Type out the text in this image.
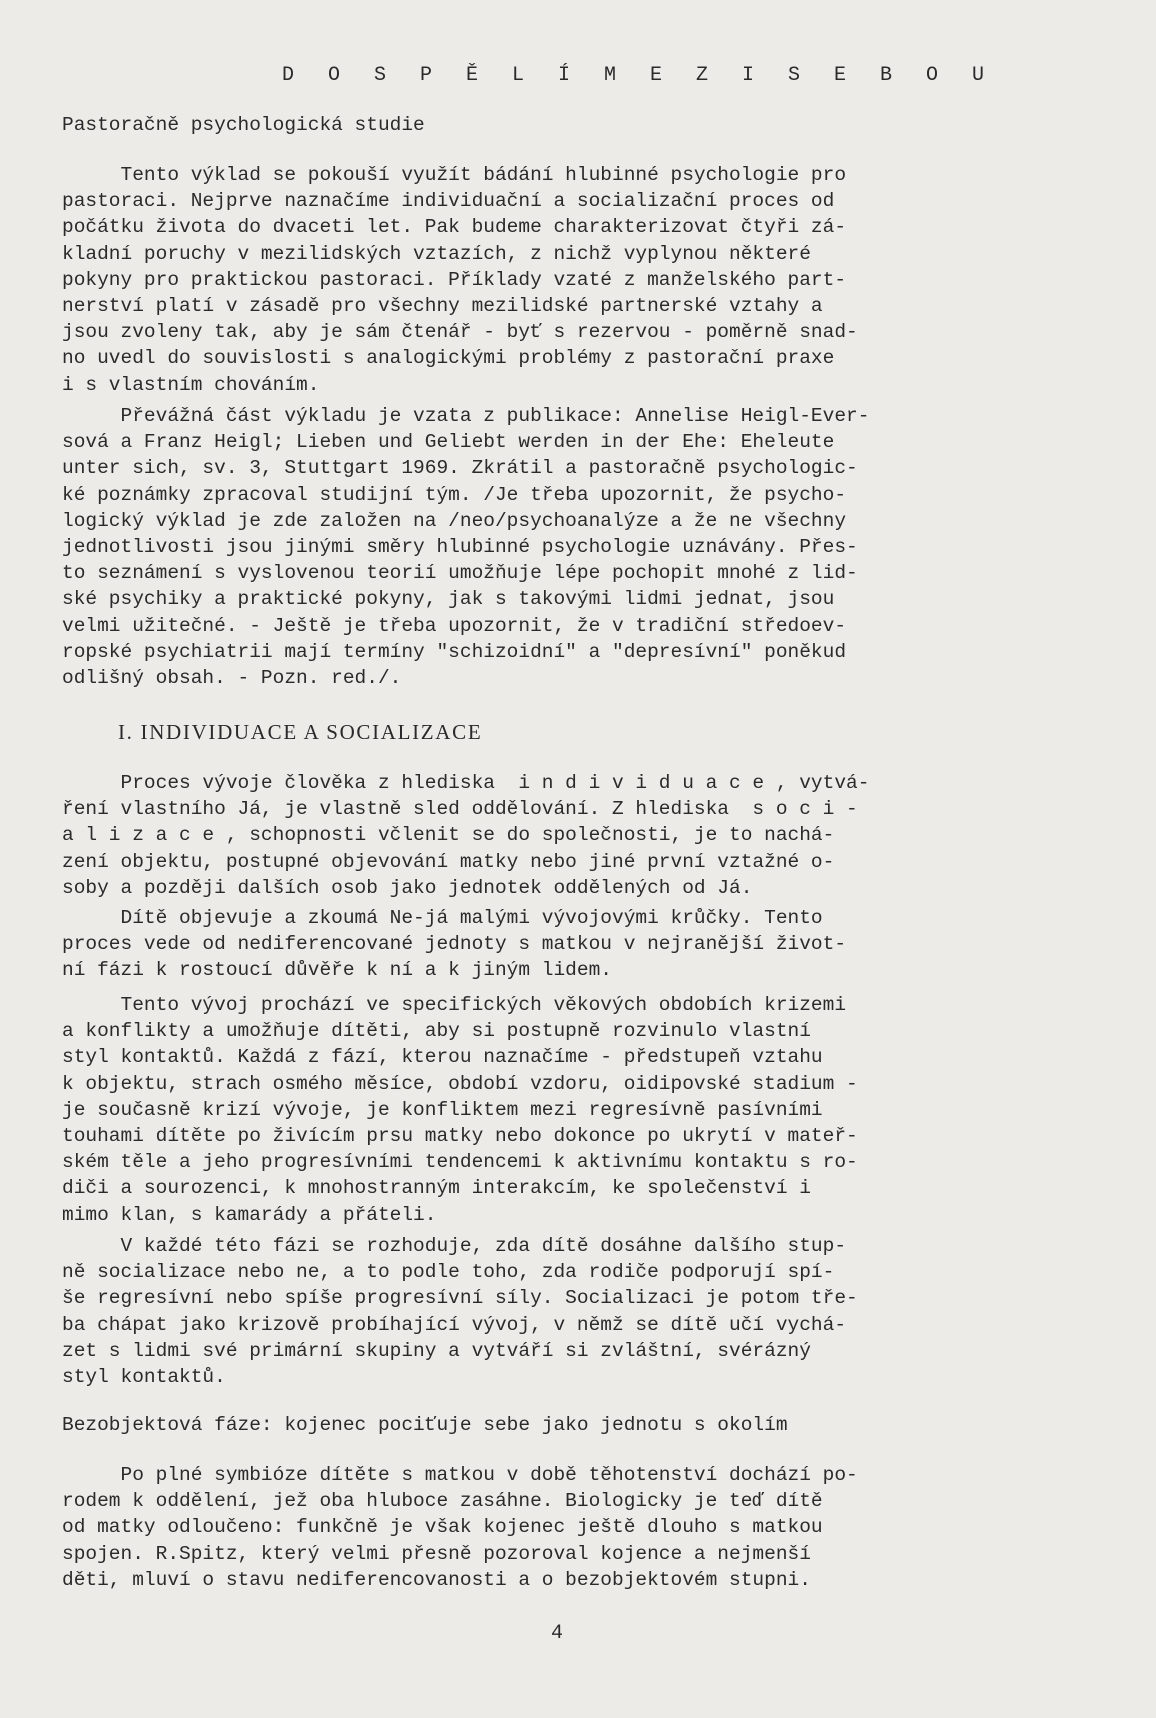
D O S P Ě L Í M E Z I S E B O U
Pastoračně psychologická studie
Tento výklad se pokouší využít bádání hlubinné psychologie pro
pastoraci. Nejprve naznačíme individuační a socializační proces od
počátku života do dvaceti let. Pak budeme charakterizovat čtyři zá-
kladní poruchy v mezilidských vztazích, z nichž vyplynou některé
pokyny pro praktickou pastoraci. Příklady vzaté z manželského part-
nerství platí v zásadě pro všechny mezilidské partnerské vztahy a
jsou zvoleny tak, aby je sám čtenář - byť s rezervou - poměrně snad-
no uvedl do souvislosti s analogickými problémy z pastorační praxe
i s vlastním chováním.
Převážná část výkladu je vzata z publikace: Annelise Heigl-Ever-
sová a Franz Heigl; Lieben und Geliebt werden in der Ehe: Eheleute
unter sich, sv. 3, Stuttgart 1969. Zkrátil a pastoračně psychologic-
ké poznámky zpracoval studijní tým. /Je třeba upozornit, že psycho-
logický výklad je zde založen na /neo/psychoanalýze a že ne všechny
jednotlivosti jsou jinými směry hlubinné psychologie uznávány. Přes-
to seznámení s vyslovenou teorií umožňuje lépe pochopit mnohé z lid-
ské psychiky a praktické pokyny, jak s takovými lidmi jednat, jsou
velmi užitečné. - Ještě je třeba upozornit, že v tradiční středoev-
ropské psychiatrii mají termíny "schizoidní" a "depresívní" poněkud
odlišný obsah. - Pozn. red./.
I. INDIVIDUACE A SOCIALIZACE
Proces vývoje člověka z hlediska  i n d i v i d u a c e , vytvá-
ření vlastního Já, je vlastně sled oddělování. Z hlediska  s o c i -
a l i z a c e , schopnosti včlenit se do společnosti, je to nachá-
zení objektu, postupné objevování matky nebo jiné první vztažné o-
soby a později dalších osob jako jednotek oddělených od Já.
Dítě objevuje a zkoumá Ne-já malými vývojovými krůčky. Tento
proces vede od nediferencované jednoty s matkou v nejranější život-
ní fázi k rostoucí důvěře k ní a k jiným lidem.
Tento vývoj prochází ve specifických věkových obdobích krizemi
a konflikty a umožňuje dítěti, aby si postupně rozvinulo vlastní
styl kontaktů. Každá z fází, kterou naznačíme - předstupeň vztahu
k objektu, strach osmého měsíce, období vzdoru, oidipovské stadium -
je současně krizí vývoje, je konfliktem mezi regresívně pasívními
touhami dítěte po živícím prsu matky nebo dokonce po ukrytí v mateř-
ském těle a jeho progresívními tendencemi k aktivnímu kontaktu s ro-
diči a sourozenci, k mnohostranným interakcím, ke společenství i
mimo klan, s kamarády a přáteli.
V každé této fázi se rozhoduje, zda dítě dosáhne dalšího stup-
ně socializace nebo ne, a to podle toho, zda rodiče podporují spí-
še regresívní nebo spíše progresívní síly. Socializaci je potom tře-
ba chápat jako krizově probíhající vývoj, v němž se dítě učí vychá-
zet s lidmi své primární skupiny a vytváří si zvláštní, svérázný
styl kontaktů.
Bezobjektová fáze: kojenec pociťuje sebe jako jednotu s okolím
Po plné symbióze dítěte s matkou v době těhotenství dochází po-
rodem k oddělení, jež oba hluboce zasáhne. Biologicky je teď dítě
od matky odloučeno: funkčně je však kojenec ještě dlouho s matkou
spojen. R.Spitz, který velmi přesně pozoroval kojence a nejmenší
děti, mluví o stavu nediferencovanosti a o bezobjektovém stupni.
4
